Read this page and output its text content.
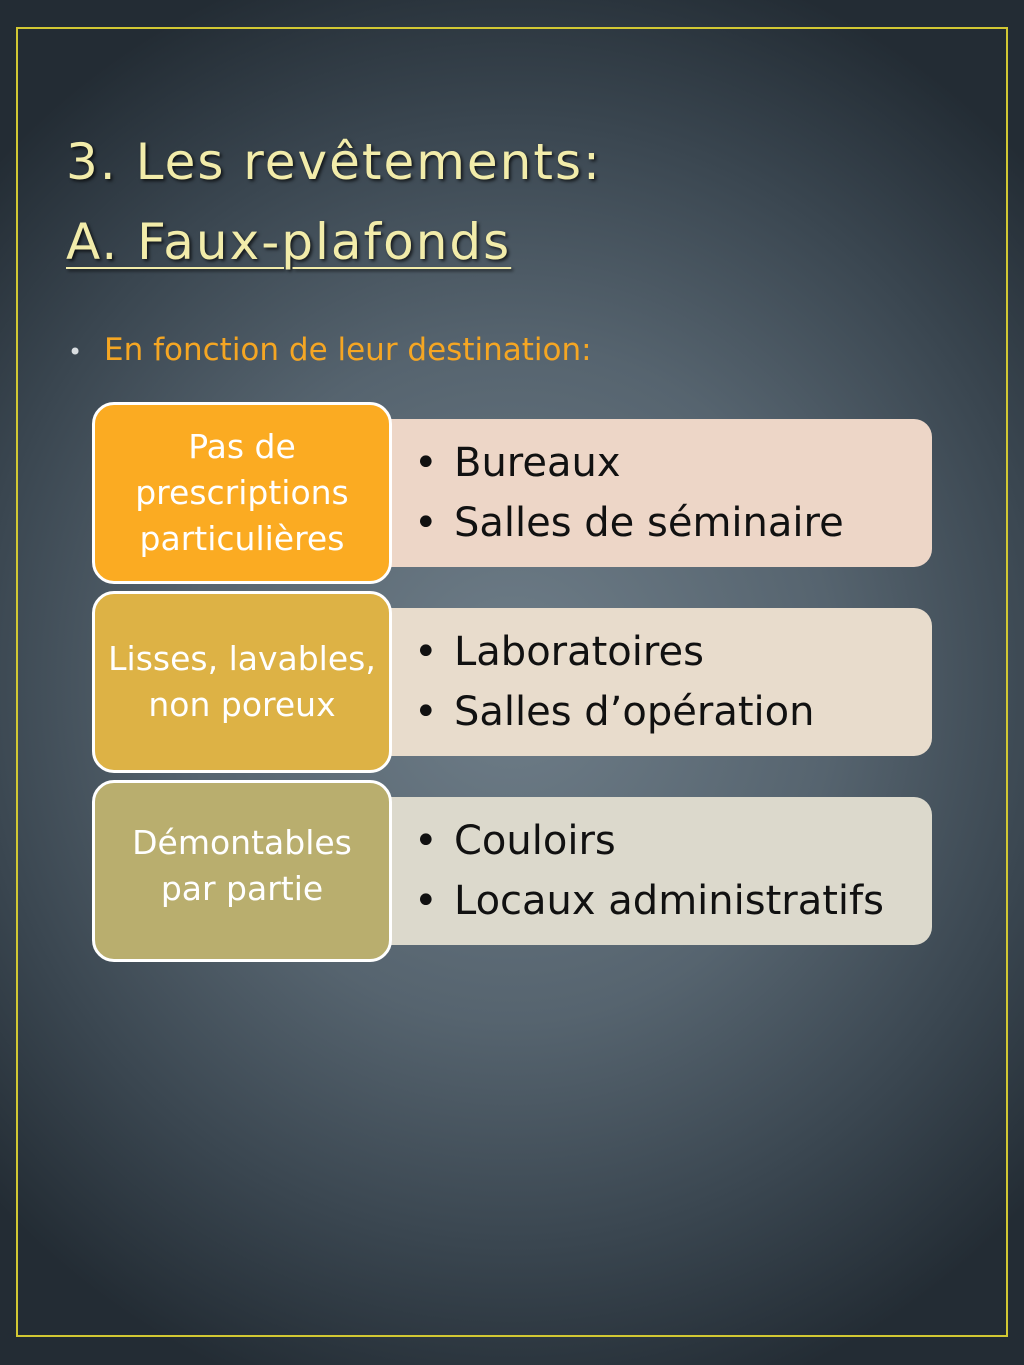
3. Les revêtements:
A. Faux-plafonds
• En fonction de leur destination:
• Bureaux
• Salles de séminaire
Pas de prescriptions particulières
• Laboratoires
• Salles d’opération
Lisses, lavables, non poreux
• Couloirs
• Locaux administratifs
Démontables par partie
